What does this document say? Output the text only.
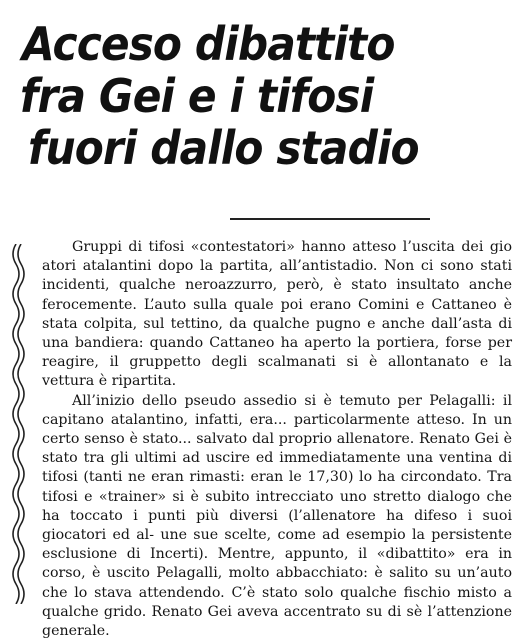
Acceso dibattito
fra Gei e i tifosi
fuori dallo stadio

Gruppi di tifosi «contestatori» hanno atteso l’uscita dei gio atori atalantini dopo la partita, all’antistadio. Non ci sono stati incidenti, qualche neroazzurro, però, è stato insultato anche ferocemente. L’auto sulla quale poi erano Comini e Cattaneo è stata colpita, sul tettino, da qualche pugno e anche dall’asta di una bandiera: quando Cattaneo ha aperto la portiera, forse per reagire, il gruppetto degli scalmanati si è allontanato e la vettura è ripartita.

All’inizio dello pseudo assedio si è temuto per Pelagalli: il capitano atalantino, infatti, era... particolarmente atteso. In un certo senso è stato... salvato dal proprio allenatore. Renato Gei è stato tra gli ultimi ad uscire ed immediatamente una ventina di tifosi (tanti ne eran rimasti: eran le 17,30) lo ha circondato. Tra tifosi e «trainer» si è subito intrecciato uno stretto dialogo che ha toccato i punti più diversi (l’allenatore ha difeso i suoi giocatori ed al- une sue scelte, come ad esempio la persistente esclusione di Incerti). Mentre, appunto, il «dibattito» era in corso, è uscito Pelagalli, molto abbacchiato: è salito su un’auto che lo stava attendendo. C’è stato solo qualche fischio misto a qualche grido. Renato Gei aveva accentrato su di sè l’attenzione generale.
